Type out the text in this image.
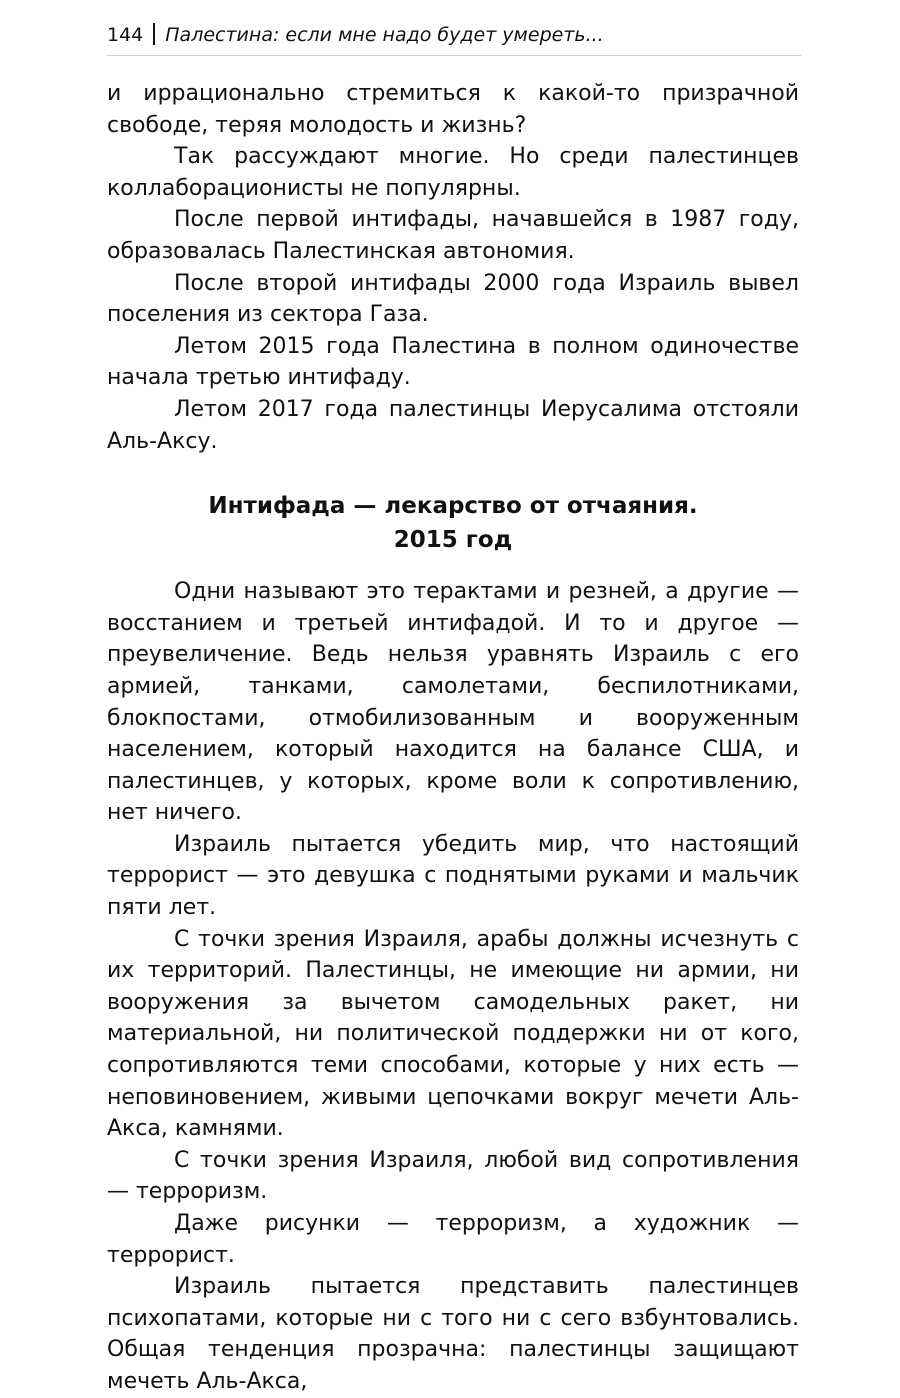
144 Палестина: если мне надо будет умереть...

и иррационально стремиться к какой-то призрачной свободе, теряя молодость и жизнь?

Так рассуждают многие. Но среди палестинцев коллаборационисты не популярны.

После первой интифады, начавшейся в 1987 году, образовалась Палестинская автономия.

После второй интифады 2000 года Израиль вывел поселения из сектора Газа.

Летом 2015 года Палестина в полном одиночестве начала третью интифаду.

Летом 2017 года палестинцы Иерусалима отстояли Аль-Аксу.

Интифада — лекарство от отчаяния.
2015 год

Одни называют это терактами и резней, а другие — восстанием и третьей интифадой. И то и другое — преувеличение. Ведь нельзя уравнять Израиль с его армией, танками, самолетами, беспилотниками, блокпостами, отмобилизованным и вооруженным населением, который находится на балансе США, и палестинцев, у которых, кроме воли к сопротивлению, нет ничего.

Израиль пытается убедить мир, что настоящий террорист — это девушка с поднятыми руками и мальчик пяти лет.

С точки зрения Израиля, арабы должны исчезнуть с их территорий. Палестинцы, не имеющие ни армии, ни вооружения за вычетом самодельных ракет, ни материальной, ни политической поддержки ни от кого, сопротивляются теми способами, которые у них есть — неповиновением, живыми цепочками вокруг мечети Аль-Акса, камнями.

С точки зрения Израиля, любой вид сопротивления — терроризм.

Даже рисунки — терроризм, а художник — террорист.

Израиль пытается представить палестинцев психопатами, которые ни с того ни с сего взбунтовались. Общая тенденция прозрачна: палестинцы защищают мечеть Аль-Акса,
